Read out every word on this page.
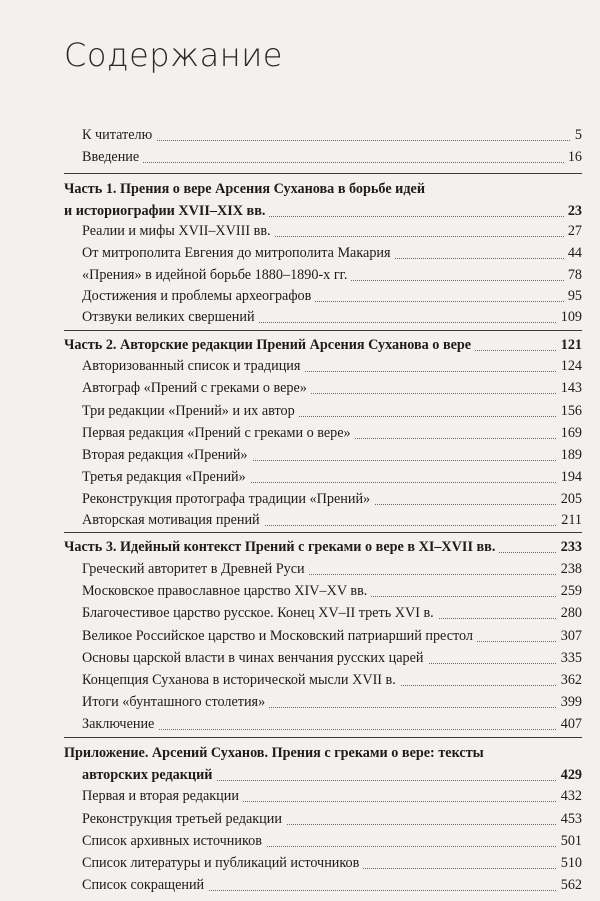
Содержание
К читателю	5
Введение	16
Часть 1. Прения о вере Арсения Суханова в борьбе идей
и историографии XVII–XIX вв.	23
Реалии и мифы XVII–XVIII вв.	27
От митрополита Евгения до митрополита Макария	44
«Прения» в идейной борьбе 1880–1890-х гг.	78
Достижения и проблемы археографов	95
Отзвуки великих свершений	109
Часть 2. Авторские редакции Прений Арсения Суханова о вере	121
Авторизованный список и традиция	124
Автограф «Прений с греками о вере»	143
Три редакции «Прений» и их автор	156
Первая редакция «Прений с греками о вере»	169
Вторая редакция «Прений»	189
Третья редакция «Прений»	194
Реконструкция протографа традиции «Прений»	205
Авторская мотивация прений	211
Часть 3. Идейный контекст Прений с греками о вере в XI–XVII вв.	233
Греческий авторитет в Древней Руси	238
Московское православное царство XIV–XV вв.	259
Благочестивое царство русское. Конец XV–II треть XVI в.	280
Великое Российское царство и Московский патриарший престол	307
Основы царской власти в чинах венчания русских царей	335
Концепция Суханова в исторической мысли XVII в.	362
Итоги «бунташного столетия»	399
Заключение	407
Приложение. Арсений Суханов. Прения с греками о вере: тексты
авторских редакций	429
Первая и вторая редакции	432
Реконструкция третьей редакции	453
Список архивных источников	501
Список литературы и публикаций источников	510
Список сокращений	562
